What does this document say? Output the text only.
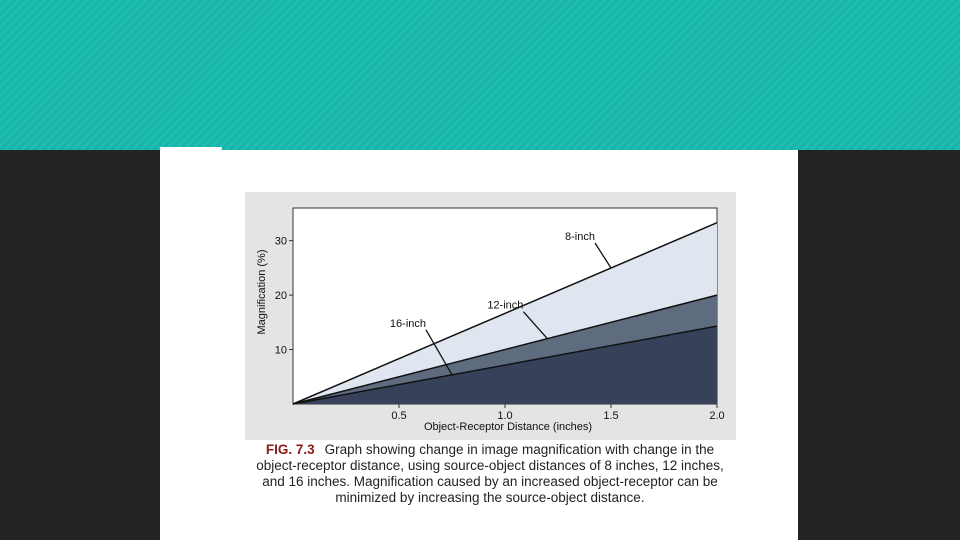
0.5	1.0	1.5	2.0
10
20
30	8-inch
12-inch
16-inch
Object-Receptor Distance (inches)
Magnification (%)
FIG. 7.3 Graph showing change in image magnification with change in the object-receptor distance, using source-object distances of 8 inches, 12 inches, and 16 inches. Magnification caused by an increased object-receptor can be minimized by increasing the source-object distance.
